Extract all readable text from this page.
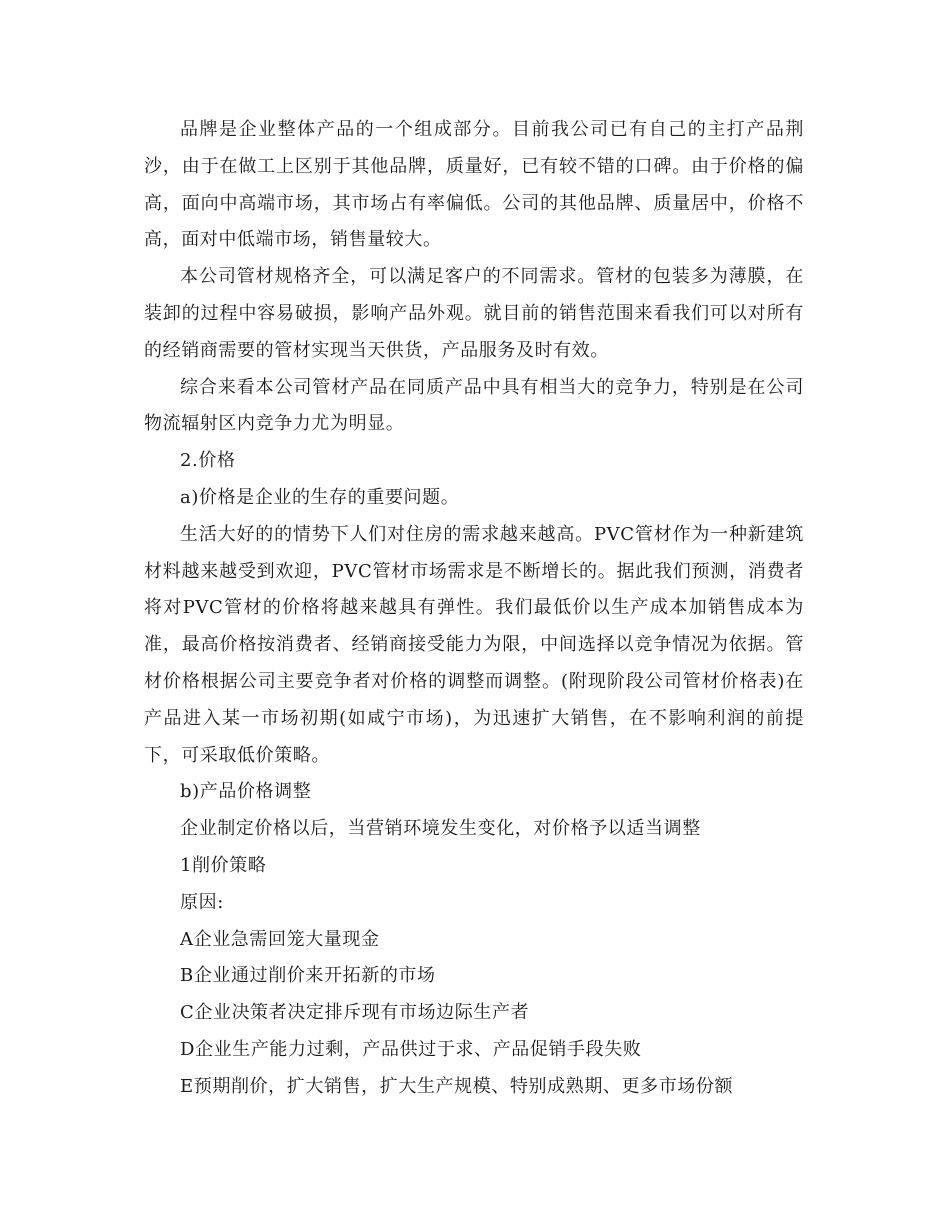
品牌是企业整体产品的一个组成部分。目前我公司已有自己的主打产品荆沙，由于在做工上区别于其他品牌，质量好，已有较不错的口碑。由于价格的偏高，面向中高端市场，其市场占有率偏低。公司的其他品牌、质量居中，价格不高，面对中低端市场，销售量较大。

本公司管材规格齐全，可以满足客户的不同需求。管材的包装多为薄膜，在装卸的过程中容易破损，影响产品外观。就目前的销售范围来看我们可以对所有的经销商需要的管材实现当天供货，产品服务及时有效。

综合来看本公司管材产品在同质产品中具有相当大的竞争力，特别是在公司物流辐射区内竞争力尤为明显。

2.价格

a)价格是企业的生存的重要问题。

生活大好的的情势下人们对住房的需求越来越高。PVC管材作为一种新建筑材料越来越受到欢迎，PVC管材市场需求是不断增长的。据此我们预测，消费者将对PVC管材的价格将越来越具有弹性。我们最低价以生产成本加销售成本为准，最高价格按消费者、经销商接受能力为限，中间选择以竞争情况为依据。管材价格根据公司主要竞争者对价格的调整而调整。(附现阶段公司管材价格表)在产品进入某一市场初期(如咸宁市场)，为迅速扩大销售，在不影响利润的前提下，可采取低价策略。

b)产品价格调整

企业制定价格以后，当营销环境发生变化，对价格予以适当调整

1削价策略

原因:

A企业急需回笼大量现金

B企业通过削价来开拓新的市场

C企业决策者决定排斥现有市场边际生产者

D企业生产能力过剩，产品供过于求、产品促销手段失败

E预期削价，扩大销售，扩大生产规模、特别成熟期、更多市场份额
